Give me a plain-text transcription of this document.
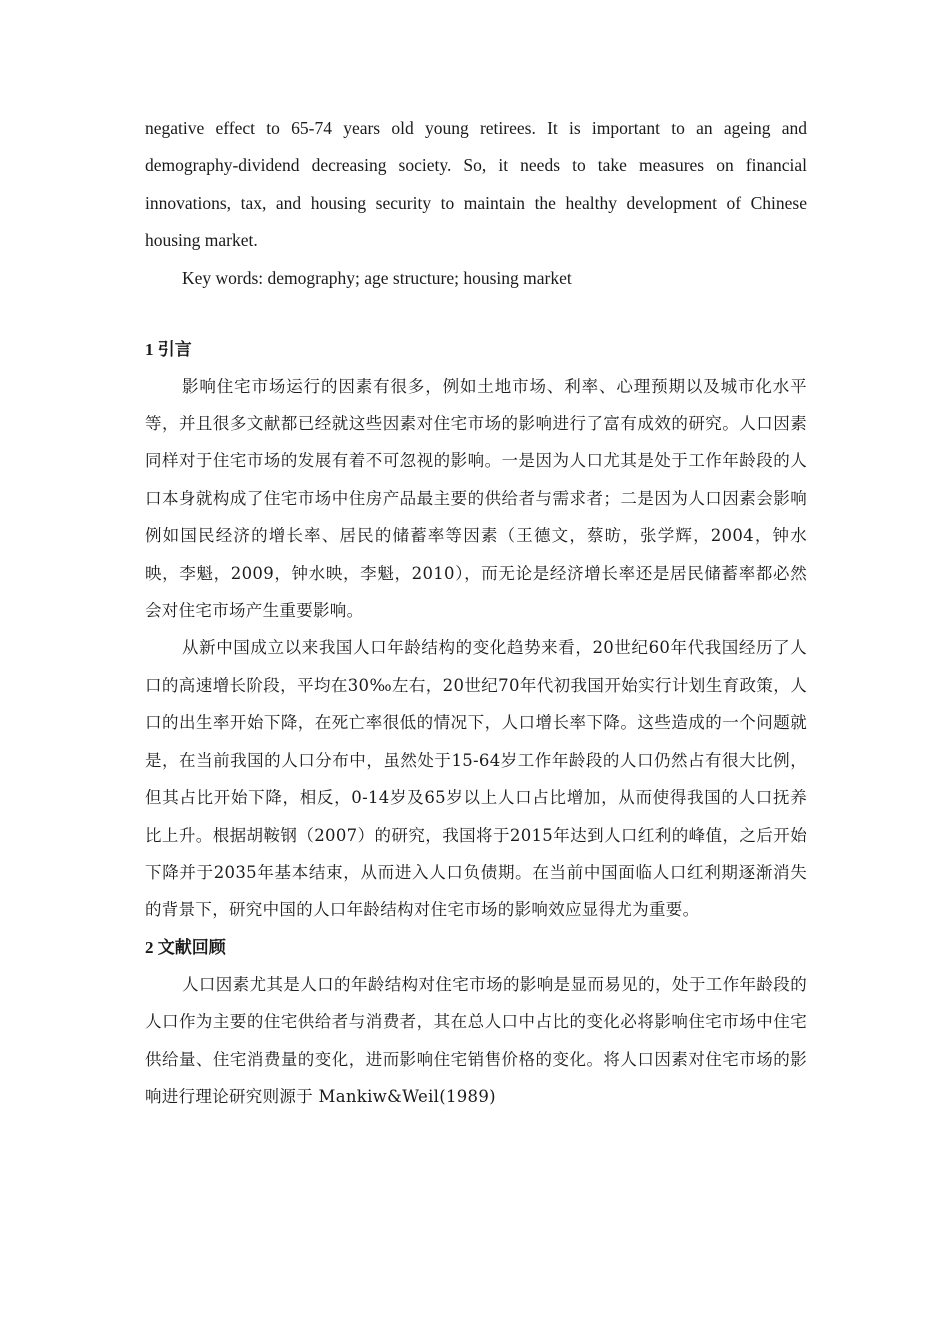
negative effect to 65-74 years old young retirees. It is important to an ageing and demography-dividend decreasing society. So, it needs to take measures on financial innovations, tax, and housing security to maintain the healthy development of Chinese housing market.

Key words: demography; age structure; housing market

1 引言

影响住宅市场运行的因素有很多，例如土地市场、利率、心理预期以及城市化水平等，并且很多文献都已经就这些因素对住宅市场的影响进行了富有成效的研究。人口因素同样对于住宅市场的发展有着不可忽视的影响。一是因为人口尤其是处于工作年龄段的人口本身就构成了住宅市场中住房产品最主要的供给者与需求者；二是因为人口因素会影响例如国民经济的增长率、居民的储蓄率等因素（王德文，蔡昉，张学辉，2004，钟水映，李魁，2009，钟水映，李魁，2010），而无论是经济增长率还是居民储蓄率都必然会对住宅市场产生重要影响。

从新中国成立以来我国人口年龄结构的变化趋势来看，20世纪60年代我国经历了人口的高速增长阶段，平均在30‰左右，20世纪70年代初我国开始实行计划生育政策，人口的出生率开始下降，在死亡率很低的情况下，人口增长率下降。这些造成的一个问题就是，在当前我国的人口分布中，虽然处于15-64岁工作年龄段的人口仍然占有很大比例，但其占比开始下降，相反，0-14岁及65岁以上人口占比增加，从而使得我国的人口抚养比上升。根据胡鞍钢（2007）的研究，我国将于2015年达到人口红利的峰值，之后开始下降并于2035年基本结束，从而进入人口负债期。在当前中国面临人口红利期逐渐消失的背景下，研究中国的人口年龄结构对住宅市场的影响效应显得尤为重要。

2 文献回顾

人口因素尤其是人口的年龄结构对住宅市场的影响是显而易见的，处于工作年龄段的人口作为主要的住宅供给者与消费者，其在总人口中占比的变化必将影响住宅市场中住宅供给量、住宅消费量的变化，进而影响住宅销售价格的变化。将人口因素对住宅市场的影响进行理论研究则源于 Mankiw&Weil(1989)
